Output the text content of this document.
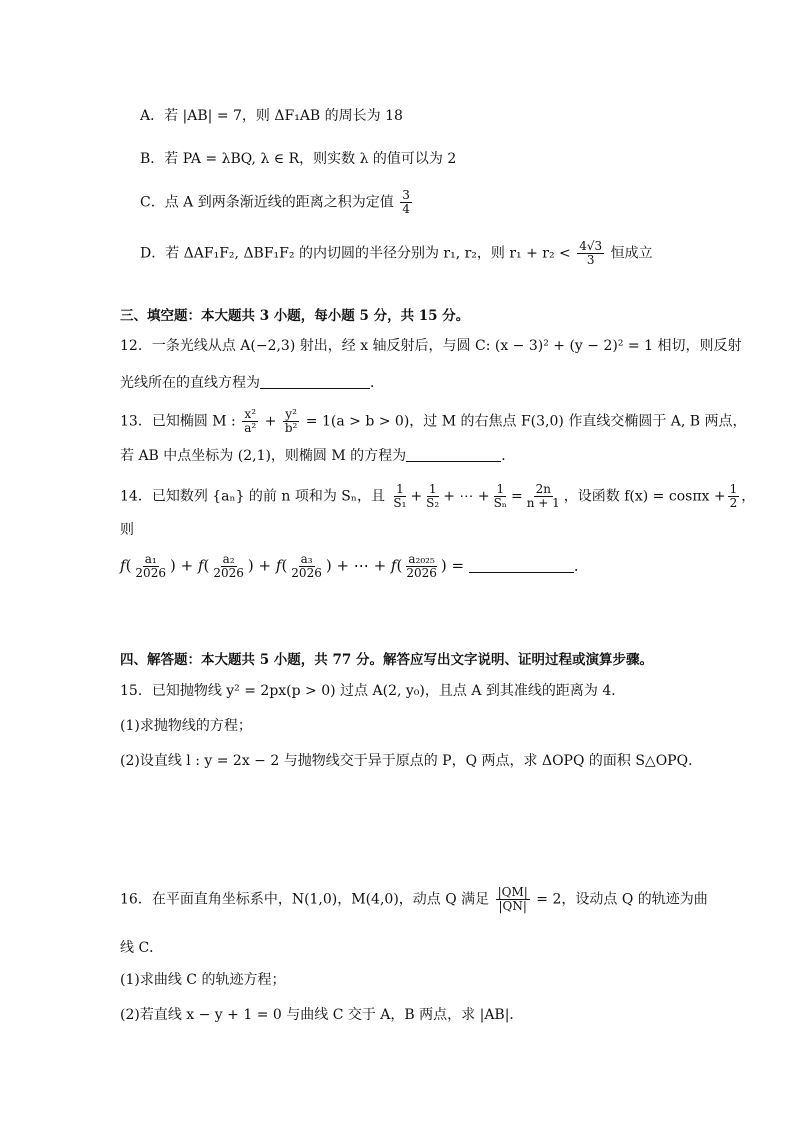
A．若 |AB| = 7，则 ΔF₁AB 的周长为 18
B．若 PA = λBQ, λ ∈ R，则实数 λ 的值可以为 2
C．点 A 到两条渐近线的距离之积为定值 $\frac{3}{4}$
D．若 ΔAF₁F₂, ΔBF₁F₂ 的内切圆的半径分别为 r₁, r₂，则 $r_1 + r_2 < \frac{4√3}{3}$ 恒成立
三、填空题：本大题共 3 小题，每小题 5 分，共 15 分。
12．一条光线从点 A(−2,3) 射出，经 x 轴反射后，与圆 C: (x − 3)² + (y − 2)² = 1 相切，则反射
光线所在的直线方程为	．
13．已知椭圆 M : $\frac{\text{x²}}{\text{a²}} + \frac{\text{y²}}{\text{b²}} = 1(a > b > 0)$，过 M 的右焦点 F(3,0) 作直线交椭圆于 A, B 两点，
若 AB 中点坐标为 (2,1)，则椭圆 M 的方程为	．
14．已知数列 {aₙ} 的前 n 项和为 Sₙ，且 $\frac{1}{\text{S₁}} + \frac{1}{\text{S₂}}$ + ⋯ + $\frac{1}{\text{Sₙ}} = \frac{2n}{n + 1}$ ，设函数 $f(x) = \cos\pi x + \frac{1}{2}$ ，
则
$f( \frac{\text{a₁}}{2026}$ ) + $f( \frac{\text{a₂}}{2026}$ ) + $f( \frac{\text{a₃}}{2026}$ ) + ⋯ + $f( \frac{\text{a₂₀₂₅}}{2026}$ ) =	．
四、解答题：本大题共 5 小题，共 77 分。解答应写出文字说明、证明过程或演算步骤。
15．已知抛物线 y² = 2px(p > 0) 过点 A(2, y₀)，且点 A 到其准线的距离为 4．
(1)求抛物线的方程；
(2)设直线 l : y = 2x − 2 与抛物线交于异于原点的 P，Q 两点，求 ΔOPQ 的面积 S△OPQ．
16．在平面直角坐标系中，N(1,0)，M(4,0)，动点 Q 满足 $\frac{|QM|}{|QN|} = 2$，设动点 Q 的轨迹为曲
线 C．
(1)求曲线 C 的轨迹方程；
(2)若直线 x − y + 1 = 0 与曲线 C 交于 A，B 两点，求 |AB|．
